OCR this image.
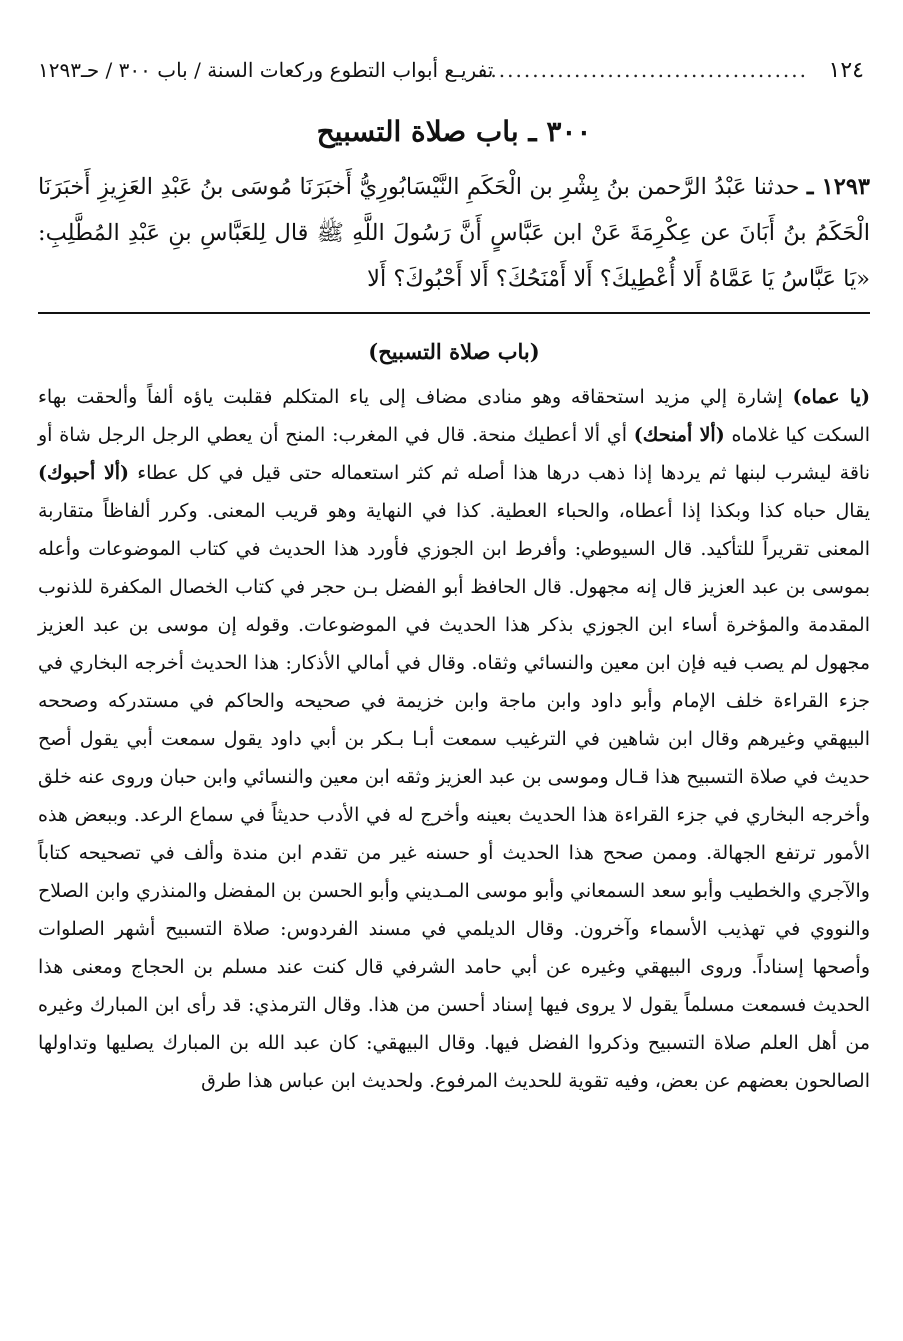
١٢٤
........................................
تفريـع أبواب التطوع وركعات السنة / باب ٣٠٠ / حـ١٢٩٣
٣٠٠ ـ باب صلاة التسبيح
١٢٩٣ ـ حدثنا عَبْدُ الرَّحمن بنُ بِشْرِ بن الْحَكَمِ النَّيْسَابُورِيُّ أَخبَرَنَا مُوسَى بنُ عَبْدِ العَزِيزِ أَخبَرَنَا الْحَكَمُ بنُ أَبَانَ عن عِكْرِمَةَ عَنْ ابن عَبَّاسٍ أَنَّ رَسُولَ اللَّهِ ﷺ قال لِلعَبَّاسِ بنِ عَبْدِ المُطَّلِبِ: «يَا عَبَّاسُ يَا عَمَّاهُ أَلا أُعْطِيكَ؟ أَلا أَمْنَحُكَ؟ أَلا أَحْبُوكَ؟ أَلا
(باب صلاة التسبيح)
(يا عماه) إشارة إلي مزيد استحقاقه وهو منادى مضاف إلى ياء المتكلم فقلبت ياؤه ألفاً وألحقت بهاء السكت كيا غلاماه (ألا أمنحك) أي ألا أعطيك منحة. قال في المغرب: المنح أن يعطي الرجل الرجل شاة أو ناقة ليشرب لبنها ثم يردها إذا ذهب درها هذا أصله ثم كثر استعماله حتى قيل في كل عطاء (ألا أحبوك) يقال حباه كذا وبكذا إذا أعطاه، والحباء العطية. كذا في النهاية وهو قريب المعنى. وكرر ألفاظاً متقاربة المعنى تقريراً للتأكيد. قال السيوطي: وأفرط ابن الجوزي فأورد هذا الحديث في كتاب الموضوعات وأعله بموسى بن عبد العزيز قال إنه مجهول. قال الحافظ أبو الفضل بـن حجر في كتاب الخصال المكفرة للذنوب المقدمة والمؤخرة أساء ابن الجوزي بذكر هذا الحديث في الموضوعات. وقوله إن موسى بن عبد العزيز مجهول لم يصب فيه فإن ابن معين والنسائي وثقاه. وقال في أمالي الأذكار: هذا الحديث أخرجه البخاري في جزء القراءة خلف الإمام وأبو داود وابن ماجة وابن خزيمة في صحيحه والحاكم في مستدركه وصححه البيهقي وغيرهم وقال ابن شاهين في الترغيب سمعت أبـا بـكر بن أبي داود يقول سمعت أبي يقول أصح حديث في صلاة التسبيح هذا قـال وموسى بن عبد العزيز وثقه ابن معين والنسائي وابن حبان وروى عنه خلق وأخرجه البخاري في جزء القراءة هذا الحديث بعينه وأخرج له في الأدب حديثاً في سماع الرعد. وببعض هذه الأمور ترتفع الجهالة. وممن صحح هذا الحديث أو حسنه غير من تقدم ابن مندة وألف في تصحيحه كتاباً والآجري والخطيب وأبو سعد السمعاني وأبو موسى المـديني وأبو الحسن بن المفضل والمنذري وابن الصلاح والنووي في تهذيب الأسماء وآخرون. وقال الديلمي في مسند الفردوس: صلاة التسبيح أشهر الصلوات وأصحها إسناداً. وروى البيهقي وغيره عن أبي حامد الشرفي قال كنت عند مسلم بن الحجاج ومعنى هذا الحديث فسمعت مسلماً يقول لا يروى فيها إسناد أحسن من هذا. وقال الترمذي: قد رأى ابن المبارك وغيره من أهل العلم صلاة التسبيح وذكروا الفضل فيها. وقال البيهقي: كان عبد الله بن المبارك يصليها وتداولها الصالحون بعضهم عن بعض، وفيه تقوية للحديث المرفوع. ولحديث ابن عباس هذا طرق
